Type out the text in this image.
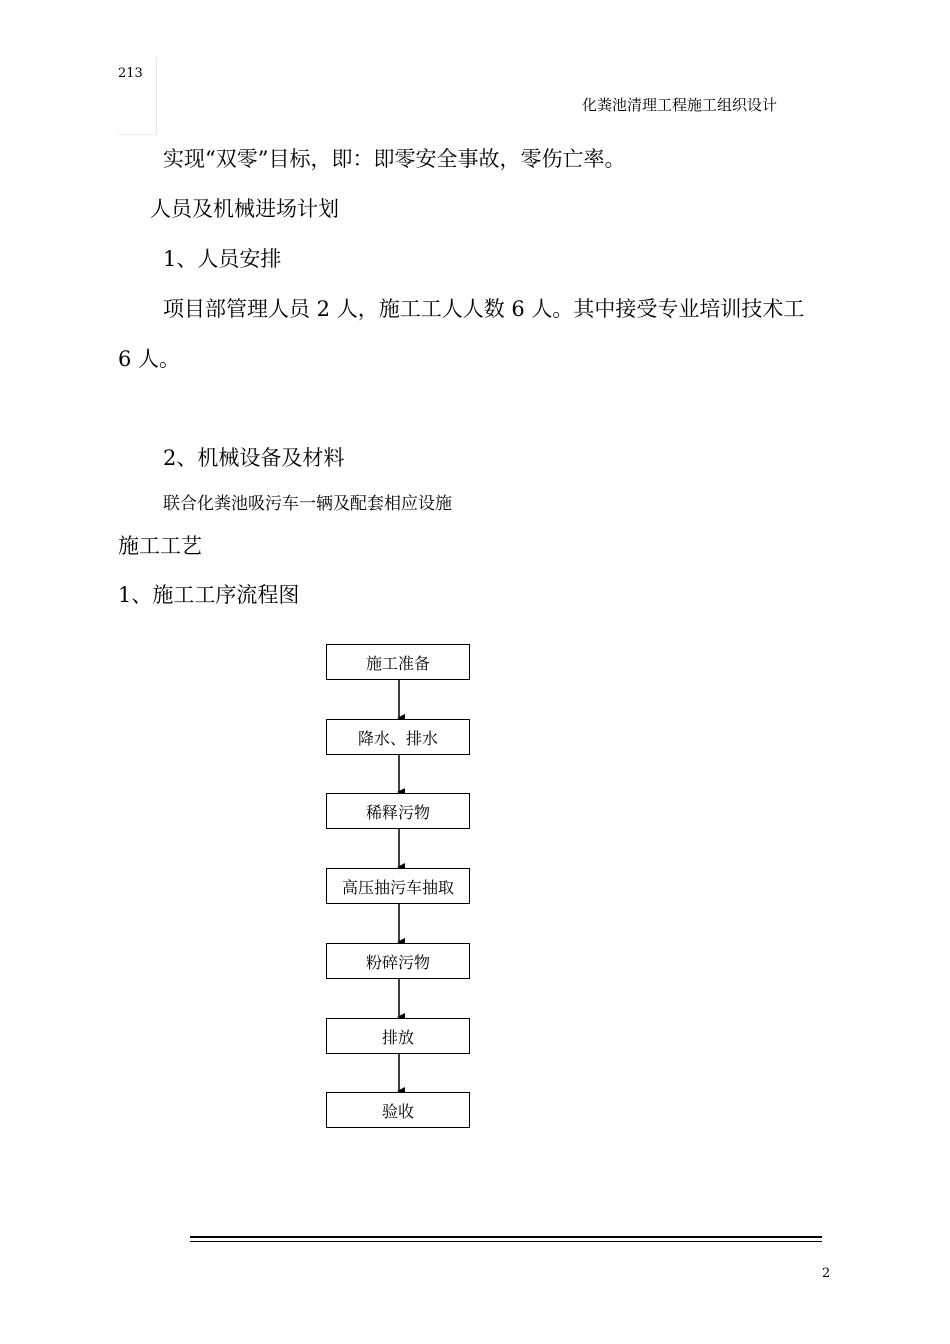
213
化粪池清理工程施工组织设计
实现“双零”目标，即：即零安全事故，零伤亡率。
人员及机械进场计划
1、人员安排
项目部管理人员 2 人，施工工人人数 6 人。其中接受专业培训技术工
6 人。
2、机械设备及材料
联合化粪池吸污车一辆及配套相应设施
施工工艺
1、施工工序流程图
施工准备
降水、排水
稀释污物
高压抽污车抽取
粉碎污物
排放
验收
2
